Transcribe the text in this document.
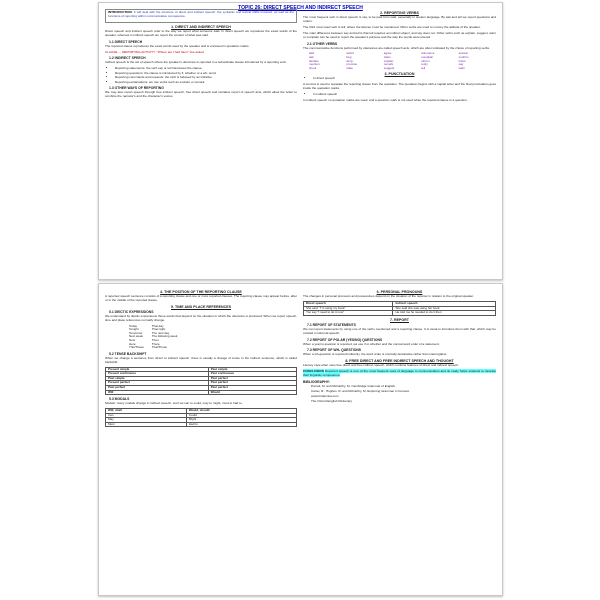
TOPIC 26: DIRECT SPEECH AND INDIRECT SPEECH

INTRODUCTION: It will deal with the structure of direct and indirect speech, the syntactic and lexical shifts involved, as well as the functions of reporting within communicative competence.

1. DIRECT AND INDIRECT SPEECH

Direct speech and indirect speech refer to the way we report what someone said. In direct speech we reproduce the exact words of the speaker, whereas in indirect speech we report the content of what was said.

1.1 DIRECT SPEECH

The reported clause reproduces the exact words used by the speaker and is enclosed in quotation marks.

CLAUSE → REPORTING ACTIVITY: "Where are I had them" she asked

1.2 INDIRECT SPEECH

Indirect speech is the act of speech where the speaker's utterance is reported in a subordinate clause introduced by a reporting verb.

• Reporting statements: the verb say or tell introduces the clause.
• Reporting questions: the clause is introduced by if, whether or a wh- word.
• Reporting commands and requests: the verb is followed by an infinitive.
• Reporting exclamations: we use verbs such as exclaim or remark.
1.3 OTHER WAYS OF REPORTING

We may also report speech through free indirect speech, free direct speech and narrative report of speech acts, which allow the writer to combine the narrator's and the character's voices.

2. REPORTING VERBS

The most frequent verb in direct speech is say, to be past form said, especially in spoken language. By ask and tell we report questions and orders.

The third most used verb is tell, where the listener must be mentioned. Other verbs are used to convey the attitude of the speaker.

The main difference between say and tell is that tell requires an indirect object, and say does not. Other verbs such as explain, suggest, warn or complain can be used to report the speaker's purpose and the way the words were uttered.

2.1 OTHER VERBS

The communicative functions performed by utterances are called speech acts, which are often indicated by the choice of reporting verbs.

add	admit	agree	announce	answer
ask	beg	claim	complain	confirm
declare	deny	explain	inform	insist
mention	promise	remark	reply	say
shout	state	suggest	tell	warn
3. PUNCTUATION
• In direct speech

A comma is used to separate the reporting clause from the quotation. The quotation begins with a capital letter and the final punctuation goes inside the quotation marks.

• In indirect speech

In indirect speech no quotation marks are used, and a question mark is not used when the reported clause is a question.

4. THE POSITION OF THE REPORTING CLAUSE

A reported speech sentence consists of a reporting clause and one or more reported clauses. The reporting clause may appear before, after or in the middle of the reported clause.

5. TIME AND PLACE REFERENCES
5.1 DEICTIC EXPRESSIONS

We understand by deictic expressions those words that depend on the situation in which the utterance is produced. When we report speech, time and place references normally change.

Today	That day
Tonight	That night
Tomorrow	The next day
Next week	The following week
Now	Then
Here	There
This/These	That/Those
5.2 TENSE BACKSHIFT

When we change a sentence from direct to indirect speech, there is usually a change of tense in the indirect sentence, which is called backshift.

Present simple	Past simple
Present continuous	Past continuous
Past simple	Past perfect
Present perfect	Past perfect
Past perfect	Past perfect
Will	Would
5.3 MODALS

Modals: many modals change in indirect speech, such as can to could, may to might, must to had to.

Will, shall	Would, should
Can	Could
May	Might
Must	Had to
6. PERSONAL PRONOUNS

The changes in personal pronouns and possessives depend on the situation of the reporter in relation to the original speaker.

Direct speech	Indirect speech
She said: "I'm using my book"	She said she was using her book
You say "I need to do it now"	He told me he needed to do it then
7. REPORT
7.1 REPORT OF STATEMENTS

We can report statements by using one of the verbs mentioned and a reporting clause. It is usual to introduce them with that, which may be omitted in informal speech.

7.2 REPORT OF POLAR (YES/NO) QUESTIONS

When a yes/no question is reported, we use if or whether and the normal word order of a statement.

7.3 REPORT OF WH- QUESTIONS

When a wh-question is reported indirectly, the word order is normally declarative rather than interrogative.

8. FREE DIRECT AND FREE INDIRECT SPEECH AND THOUGHT

Literary style often uses free direct and free indirect speech, which combine features of direct and indirect speech.

CONCLUSION Reported speech is one of the most frequent uses of language in communication and its study helps students to develop their linguistic competence.

BIBLIOGRAPHY:
• Parrott, M. and McCarthy, M. Cambridge Grammar of English.
• Carter, R., Hughes, R. and McCarthy, M. Exploring Grammar in Context.
• www.britannica.com
• The Oxford English Dictionary
